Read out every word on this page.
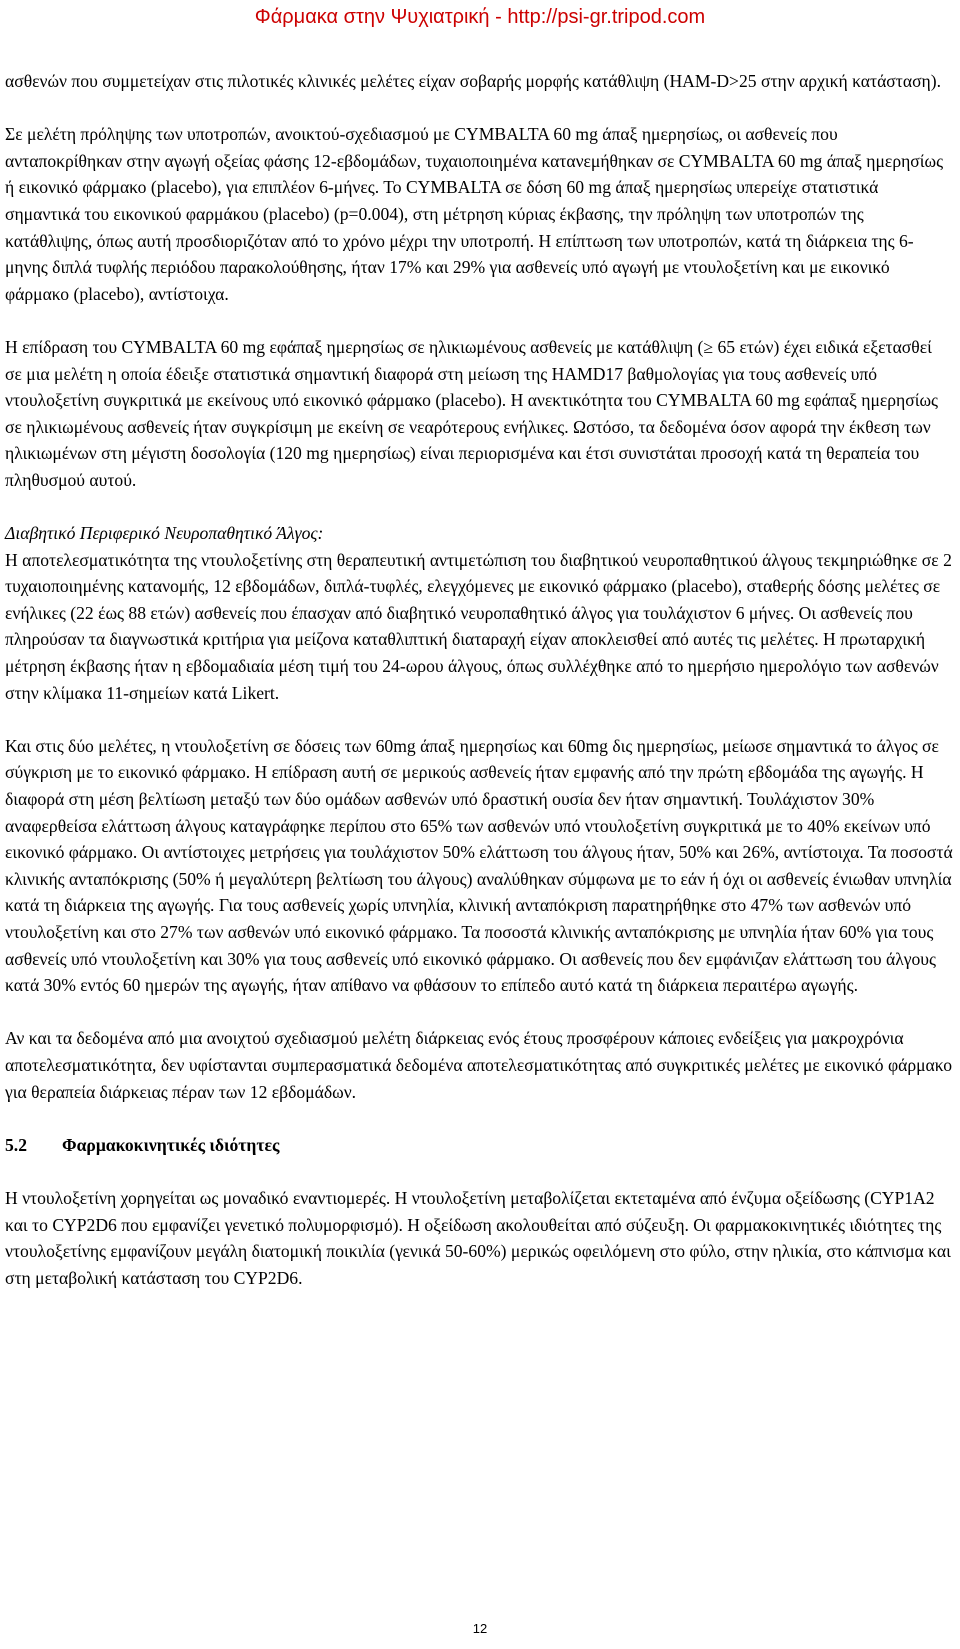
Φάρμακα στην Ψυχιατρική - http://psi-gr.tripod.com

ασθενών που συμμετείχαν στις πιλοτικές κλινικές μελέτες είχαν σοβαρής μορφής κατάθλιψη (HAM-D>25 στην αρχική κατάσταση).

Σε μελέτη πρόληψης των υποτροπών, ανοικτού-σχεδιασμού με CYMBALTA 60 mg άπαξ ημερησίως, οι ασθενείς που ανταποκρίθηκαν στην αγωγή οξείας φάσης 12-εβδομάδων, τυχαιοποιημένα κατανεμήθηκαν σε CYMBALTA 60 mg άπαξ ημερησίως ή εικονικό φάρμακο (placebo), για επιπλέον 6-μήνες. Το CYMBALTA σε δόση 60 mg άπαξ ημερησίως υπερείχε στατιστικά σημαντικά του εικονικού φαρμάκου (placebo) (p=0.004), στη μέτρηση κύριας έκβασης, την πρόληψη των υποτροπών της κατάθλιψης, όπως αυτή προσδιοριζόταν από το χρόνο μέχρι την υποτροπή. Η επίπτωση των υποτροπών, κατά τη διάρκεια της 6-μηνης διπλά τυφλής περιόδου παρακολούθησης, ήταν 17% και 29% για ασθενείς υπό αγωγή με ντουλοξετίνη και με εικονικό φάρμακο (placebo), αντίστοιχα.

Η επίδραση του CYMBALTA 60 mg εφάπαξ ημερησίως σε ηλικιωμένους ασθενείς με κατάθλιψη (≥ 65 ετών) έχει ειδικά εξετασθεί σε μια μελέτη η οποία έδειξε στατιστικά σημαντική διαφορά στη μείωση της HAMD17 βαθμολογίας για τους ασθενείς υπό ντουλοξετίνη συγκριτικά με εκείνους υπό εικονικό φάρμακο (placebo). Η ανεκτικότητα του CYMBALTA 60 mg εφάπαξ ημερησίως σε ηλικιωμένους ασθενείς ήταν συγκρίσιμη με εκείνη σε νεαρότερους ενήλικες. Ωστόσο, τα δεδομένα όσον αφορά την έκθεση των ηλικιωμένων στη μέγιστη δοσολογία (120 mg ημερησίως) είναι περιορισμένα και έτσι συνιστάται προσοχή κατά τη θεραπεία του πληθυσμού αυτού.

Διαβητικό Περιφερικό Νευροπαθητικό Άλγος:

Η αποτελεσματικότητα της ντουλοξετίνης στη θεραπευτική αντιμετώπιση του διαβητικού νευροπαθητικού άλγους τεκμηριώθηκε σε 2 τυχαιοποιημένης κατανομής, 12 εβδομάδων, διπλά-τυφλές, ελεγχόμενες με εικονικό φάρμακο (placebo), σταθερής δόσης μελέτες σε ενήλικες (22 έως 88 ετών) ασθενείς που έπασχαν από διαβητικό νευροπαθητικό άλγος για τουλάχιστον 6 μήνες. Οι ασθενείς που πληρούσαν τα διαγνωστικά κριτήρια για μείζονα καταθλιπτική διαταραχή είχαν αποκλεισθεί από αυτές τις μελέτες. Η πρωταρχική μέτρηση έκβασης ήταν η εβδομαδιαία μέση τιμή του 24-ωρου άλγους, όπως συλλέχθηκε από το ημερήσιο ημερολόγιο των ασθενών στην κλίμακα 11-σημείων κατά Likert.

Και στις δύο μελέτες, η ντουλοξετίνη σε δόσεις των 60mg άπαξ ημερησίως και 60mg δις ημερησίως, μείωσε σημαντικά το άλγος σε σύγκριση με το εικονικό φάρμακο. Η επίδραση αυτή σε μερικούς ασθενείς ήταν εμφανής από την πρώτη εβδομάδα της αγωγής. Η διαφορά στη μέση βελτίωση μεταξύ των δύο ομάδων ασθενών υπό δραστική ουσία δεν ήταν σημαντική. Τουλάχιστον 30% αναφερθείσα ελάττωση άλγους καταγράφηκε περίπου στο 65% των ασθενών υπό ντουλοξετίνη συγκριτικά με το 40% εκείνων υπό εικονικό φάρμακο. Οι αντίστοιχες μετρήσεις για τουλάχιστον 50% ελάττωση του άλγους ήταν, 50% και 26%, αντίστοιχα. Τα ποσοστά κλινικής ανταπόκρισης (50% ή μεγαλύτερη βελτίωση του άλγους) αναλύθηκαν σύμφωνα με το εάν ή όχι οι ασθενείς ένιωθαν υπνηλία κατά τη διάρκεια της αγωγής. Για τους ασθενείς χωρίς υπνηλία, κλινική ανταπόκριση παρατηρήθηκε στο 47% των ασθενών υπό ντουλοξετίνη και στο 27% των ασθενών υπό εικονικό φάρμακο. Τα ποσοστά κλινικής ανταπόκρισης με υπνηλία ήταν 60% για τους ασθενείς υπό ντουλοξετίνη και 30% για τους ασθενείς υπό εικονικό φάρμακο. Οι ασθενείς που δεν εμφάνιζαν ελάττωση του άλγους κατά 30% εντός 60 ημερών της αγωγής, ήταν απίθανο να φθάσουν το επίπεδο αυτό κατά τη διάρκεια περαιτέρω αγωγής.

Αν και τα δεδομένα από μια ανοιχτού σχεδιασμού μελέτη διάρκειας ενός έτους προσφέρουν κάποιες ενδείξεις για μακροχρόνια αποτελεσματικότητα, δεν υφίστανται συμπερασματικά δεδομένα αποτελεσματικότητας από συγκριτικές μελέτες με εικονικό φάρμακο για θεραπεία διάρκειας πέραν των 12 εβδομάδων.

5.2 Φαρμακοκινητικές ιδιότητες

Η ντουλοξετίνη χορηγείται ως μοναδικό εναντιομερές. Η ντουλοξετίνη μεταβολίζεται εκτεταμένα από ένζυμα οξείδωσης (CYP1A2 και το CYP2D6 που εμφανίζει γενετικό πολυμορφισμό). Η οξείδωση ακολουθείται από σύζευξη. Οι φαρμακοκινητικές ιδιότητες της ντουλοξετίνης εμφανίζουν μεγάλη διατομική ποικιλία (γενικά 50-60%) μερικώς οφειλόμενη στο φύλο, στην ηλικία, στο κάπνισμα και στη μεταβολική κατάσταση του CYP2D6.

12
